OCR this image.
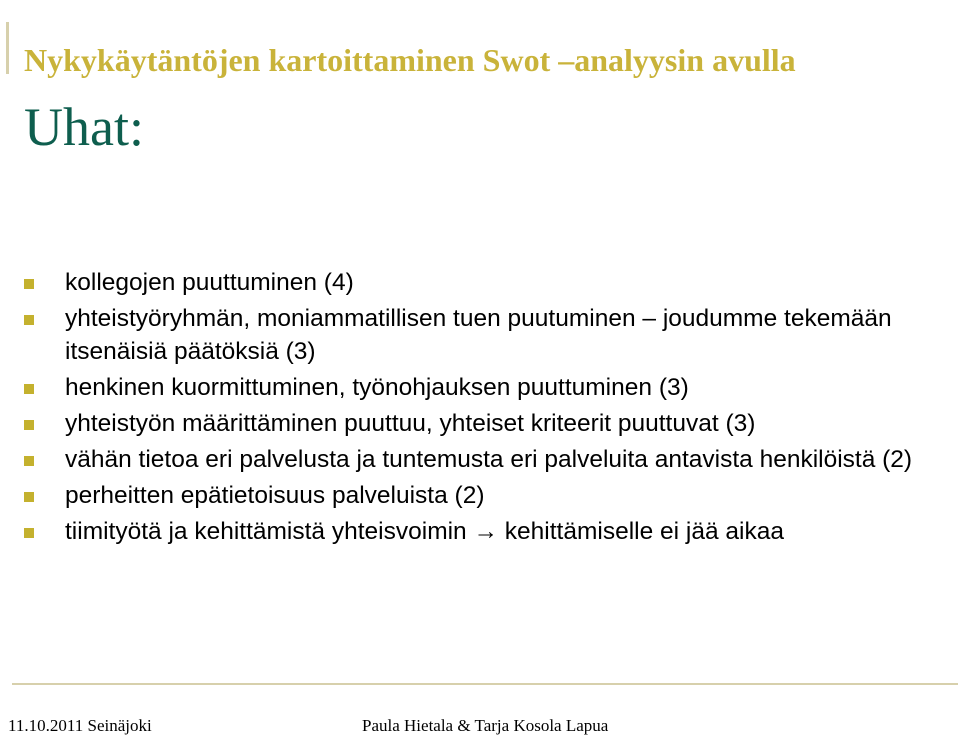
Nykykäytäntöjen kartoittaminen Swot –analyysin avulla
Uhat:
kollegojen puuttuminen (4)
yhteistyöryhmän, moniammatillisen tuen puutuminen – joudumme tekemään itsenäisiä päätöksiä (3)
henkinen kuormittuminen, työnohjauksen puuttuminen (3)
yhteistyön määrittäminen puuttuu, yhteiset kriteerit puuttuvat (3)
vähän tietoa eri palvelusta ja tuntemusta eri palveluita antavista henkilöistä (2)
perheitten epätietoisuus palveluista (2)
tiimityötä ja kehittämistä yhteisvoimin → kehittämiselle ei jää aikaa
11.10.2011 Seinäjoki	Paula Hietala & Tarja Kosola Lapua
